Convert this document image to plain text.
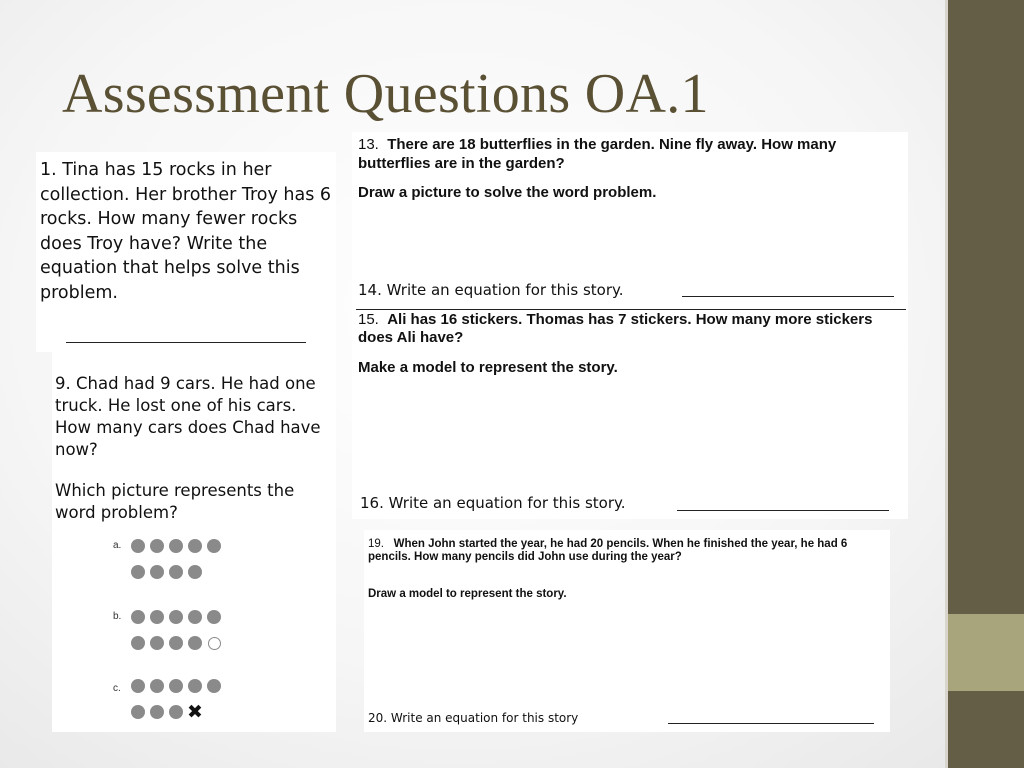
Assessment Questions OA.1

1. Tina has 15 rocks in her collection. Her brother Troy has 6 rocks. How many fewer rocks does Troy have? Write the equation that helps solve this problem.

9. Chad had 9 cars. He had one truck. He lost one of his cars. How many cars does Chad have now?

Which picture represents the word problem?

a.
b.
c.
✖

13. There are 18 butterflies in the garden. Nine fly away. How many butterflies are in the garden?

Draw a picture to solve the word problem.

14. Write an equation for this story.

15. Ali has 16 stickers. Thomas has 7 stickers. How many more stickers does Ali have?

Make a model to represent the story.

16. Write an equation for this story.

19. When John started the year, he had 20 pencils. When he finished the year, he had 6 pencils. How many pencils did John use during the year?

Draw a model to represent the story.

20. Write an equation for this story
